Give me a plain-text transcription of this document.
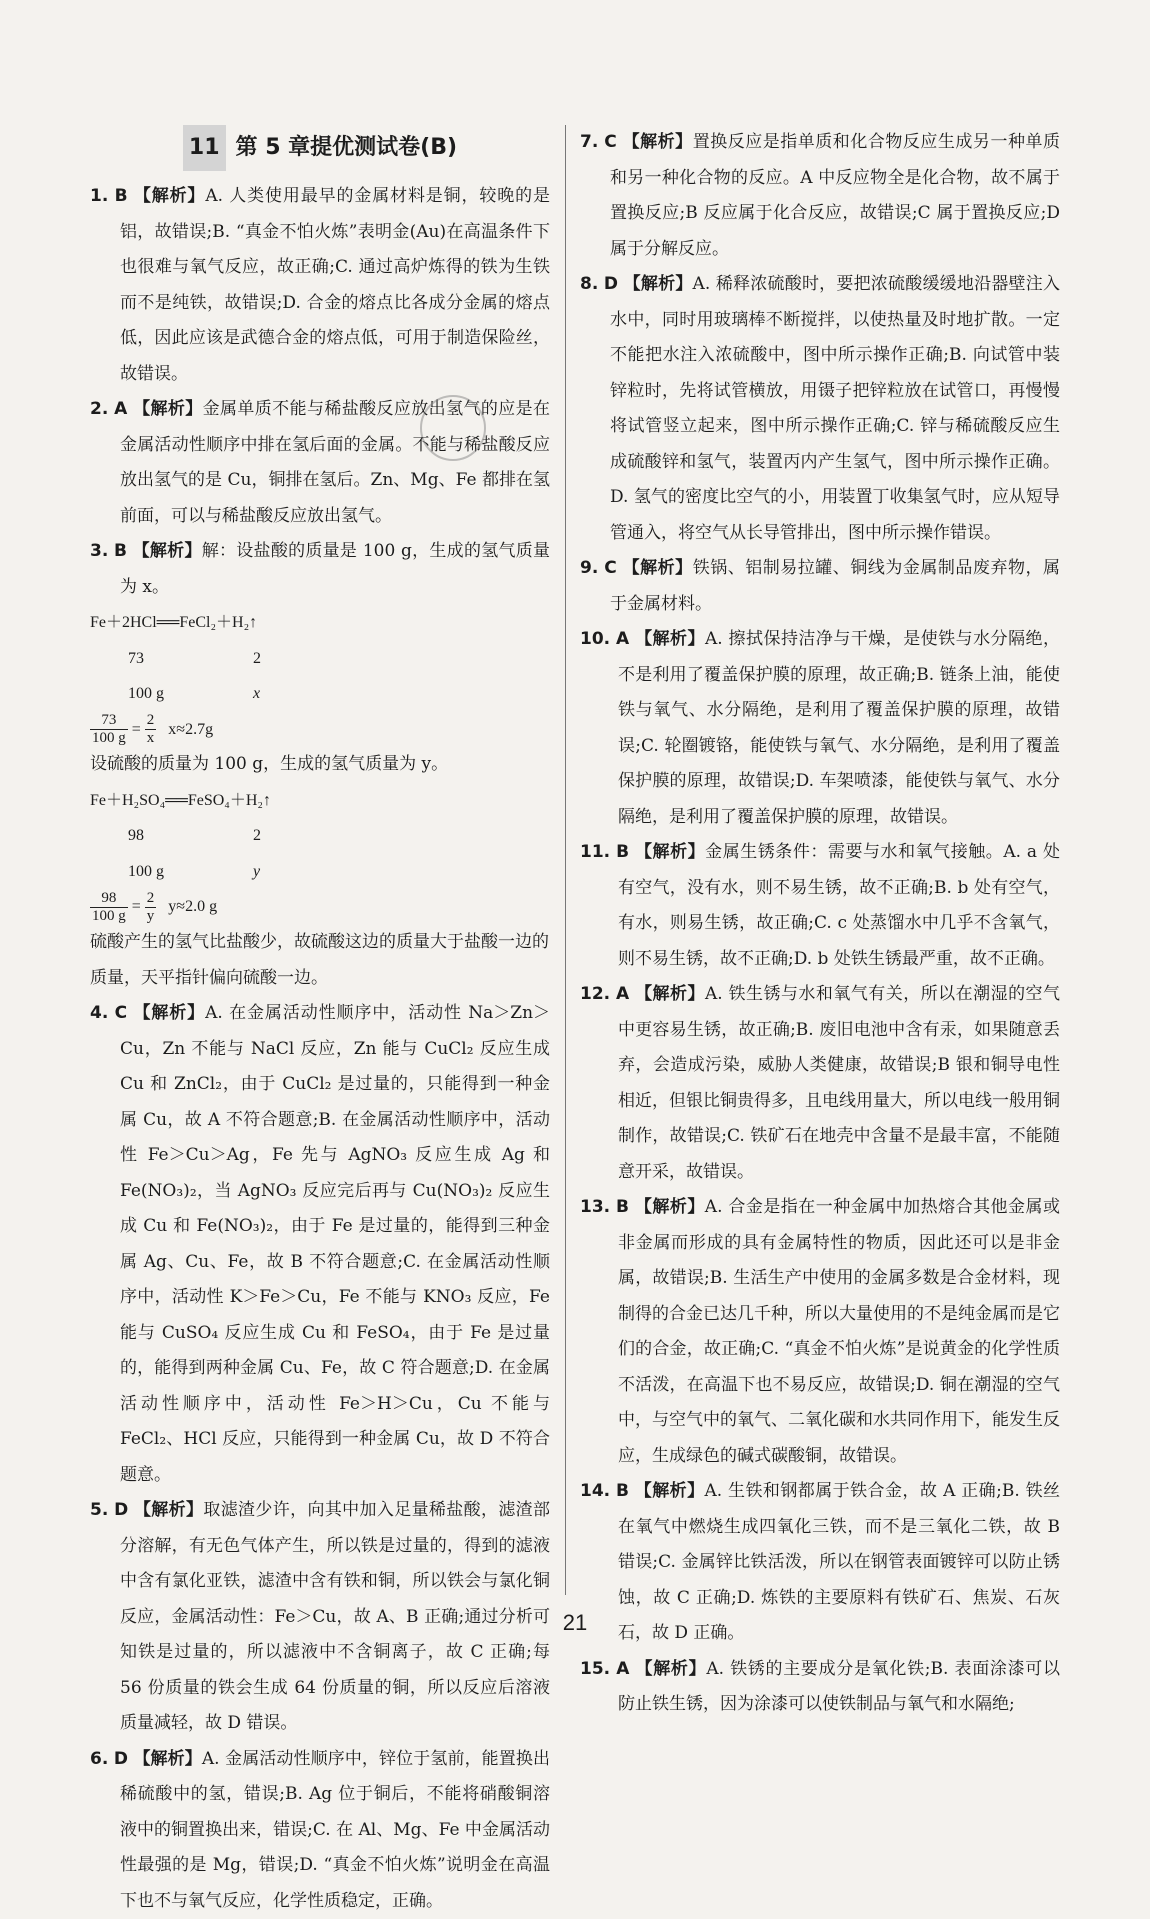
11 第 5 章提优测试卷(B)

1. B 【解析】A. 人类使用最早的金属材料是铜，较晚的是铝，故错误;B. “真金不怕火炼”表明金(Au)在高温条件下也很难与氧气反应，故正确;C. 通过高炉炼得的铁为生铁而不是纯铁，故错误;D. 合金的熔点比各成分金属的熔点低，因此应该是武德合金的熔点低，可用于制造保险丝，故错误。

2. A 【解析】金属单质不能与稀盐酸反应放出氢气的应是在金属活动性顺序中排在氢后面的金属。不能与稀盐酸反应放出氢气的是 Cu，铜排在氢后。Zn、Mg、Fe 都排在氢前面，可以与稀盐酸反应放出氢气。

3. B 【解析】解：设盐酸的质量是 100 g，生成的氢气质量为 x。

Fe＋2HCl══FeCl₂＋H₂↑

73	2

100 g	x

$\frac{73}{100 g} = \frac{2}{x} x\approx 2.7g$

设硫酸的质量为 100 g，生成的氢气质量为 y。

Fe＋H₂SO₄══FeSO₄＋H₂↑

98	2

100 g	y

$\frac{98}{100 g} = \frac{2}{y} y\approx 2.0$ g

硫酸产生的氢气比盐酸少，故硫酸这边的质量大于盐酸一边的质量，天平指针偏向硫酸一边。

4. C 【解析】A. 在金属活动性顺序中，活动性 Na＞Zn＞Cu，Zn 不能与 NaCl 反应，Zn 能与 CuCl₂ 反应生成 Cu 和 ZnCl₂，由于 CuCl₂ 是过量的，只能得到一种金属 Cu，故 A 不符合题意;B. 在金属活动性顺序中，活动性 Fe＞Cu＞Ag，Fe 先与 AgNO₃ 反应生成 Ag 和 Fe(NO₃)₂，当 AgNO₃ 反应完后再与 Cu(NO₃)₂ 反应生成 Cu 和 Fe(NO₃)₂，由于 Fe 是过量的，能得到三种金属 Ag、Cu、Fe，故 B 不符合题意;C. 在金属活动性顺序中，活动性 K＞Fe＞Cu，Fe 不能与 KNO₃ 反应，Fe 能与 CuSO₄ 反应生成 Cu 和 FeSO₄，由于 Fe 是过量的，能得到两种金属 Cu、Fe，故 C 符合题意;D. 在金属活动性顺序中，活动性 Fe＞H＞Cu，Cu 不能与 FeCl₂、HCl 反应，只能得到一种金属 Cu，故 D 不符合题意。

5. D 【解析】取滤渣少许，向其中加入足量稀盐酸，滤渣部分溶解，有无色气体产生，所以铁是过量的，得到的滤液中含有氯化亚铁，滤渣中含有铁和铜，所以铁会与氯化铜反应，金属活动性：Fe＞Cu，故 A、B 正确;通过分析可知铁是过量的，所以滤液中不含铜离子，故 C 正确;每 56 份质量的铁会生成 64 份质量的铜，所以反应后溶液质量减轻，故 D 错误。

6. D 【解析】A. 金属活动性顺序中，锌位于氢前，能置换出稀硫酸中的氢，错误;B. Ag 位于铜后，不能将硝酸铜溶液中的铜置换出来，错误;C. 在 Al、Mg、Fe 中金属活动性最强的是 Mg，错误;D. “真金不怕火炼”说明金在高温下也不与氧气反应，化学性质稳定，正确。

7. C 【解析】置换反应是指单质和化合物反应生成另一种单质和另一种化合物的反应。A 中反应物全是化合物，故不属于置换反应;B 反应属于化合反应，故错误;C 属于置换反应;D 属于分解反应。

8. D 【解析】A. 稀释浓硫酸时，要把浓硫酸缓缓地沿器壁注入水中，同时用玻璃棒不断搅拌，以使热量及时地扩散。一定不能把水注入浓硫酸中，图中所示操作正确;B. 向试管中装锌粒时，先将试管横放，用镊子把锌粒放在试管口，再慢慢将试管竖立起来，图中所示操作正确;C. 锌与稀硫酸反应生成硫酸锌和氢气，装置丙内产生氢气，图中所示操作正确。D. 氢气的密度比空气的小，用装置丁收集氢气时，应从短导管通入，将空气从长导管排出，图中所示操作错误。

9. C 【解析】铁锅、铝制易拉罐、铜线为金属制品废弃物，属于金属材料。

10. A 【解析】A. 擦拭保持洁净与干燥，是使铁与水分隔绝，不是利用了覆盖保护膜的原理，故正确;B. 链条上油，能使铁与氧气、水分隔绝，是利用了覆盖保护膜的原理，故错误;C. 轮圈镀铬，能使铁与氧气、水分隔绝，是利用了覆盖保护膜的原理，故错误;D. 车架喷漆，能使铁与氧气、水分隔绝，是利用了覆盖保护膜的原理，故错误。

11. B 【解析】金属生锈条件：需要与水和氧气接触。A. a 处有空气，没有水，则不易生锈，故不正确;B. b 处有空气，有水，则易生锈，故正确;C. c 处蒸馏水中几乎不含氧气，则不易生锈，故不正确;D. b 处铁生锈最严重，故不正确。

12. A 【解析】A. 铁生锈与水和氧气有关，所以在潮湿的空气中更容易生锈，故正确;B. 废旧电池中含有汞，如果随意丢弃，会造成污染，威胁人类健康，故错误;B 银和铜导电性相近，但银比铜贵得多，且电线用量大，所以电线一般用铜制作，故错误;C. 铁矿石在地壳中含量不是最丰富，不能随意开采，故错误。

13. B 【解析】A. 合金是指在一种金属中加热熔合其他金属或非金属而形成的具有金属特性的物质，因此还可以是非金属，故错误;B. 生活生产中使用的金属多数是合金材料，现制得的合金已达几千种，所以大量使用的不是纯金属而是它们的合金，故正确;C. “真金不怕火炼”是说黄金的化学性质不活泼，在高温下也不易反应，故错误;D. 铜在潮湿的空气中，与空气中的氧气、二氧化碳和水共同作用下，能发生反应，生成绿色的碱式碳酸铜，故错误。

14. B 【解析】A. 生铁和钢都属于铁合金，故 A 正确;B. 铁丝在氧气中燃烧生成四氧化三铁，而不是三氧化二铁，故 B 错误;C. 金属锌比铁活泼，所以在钢管表面镀锌可以防止锈蚀，故 C 正确;D. 炼铁的主要原料有铁矿石、焦炭、石灰石，故 D 正确。

15. A 【解析】A. 铁锈的主要成分是氧化铁;B. 表面涂漆可以防止铁生锈，因为涂漆可以使铁制品与氧气和水隔绝;

21
